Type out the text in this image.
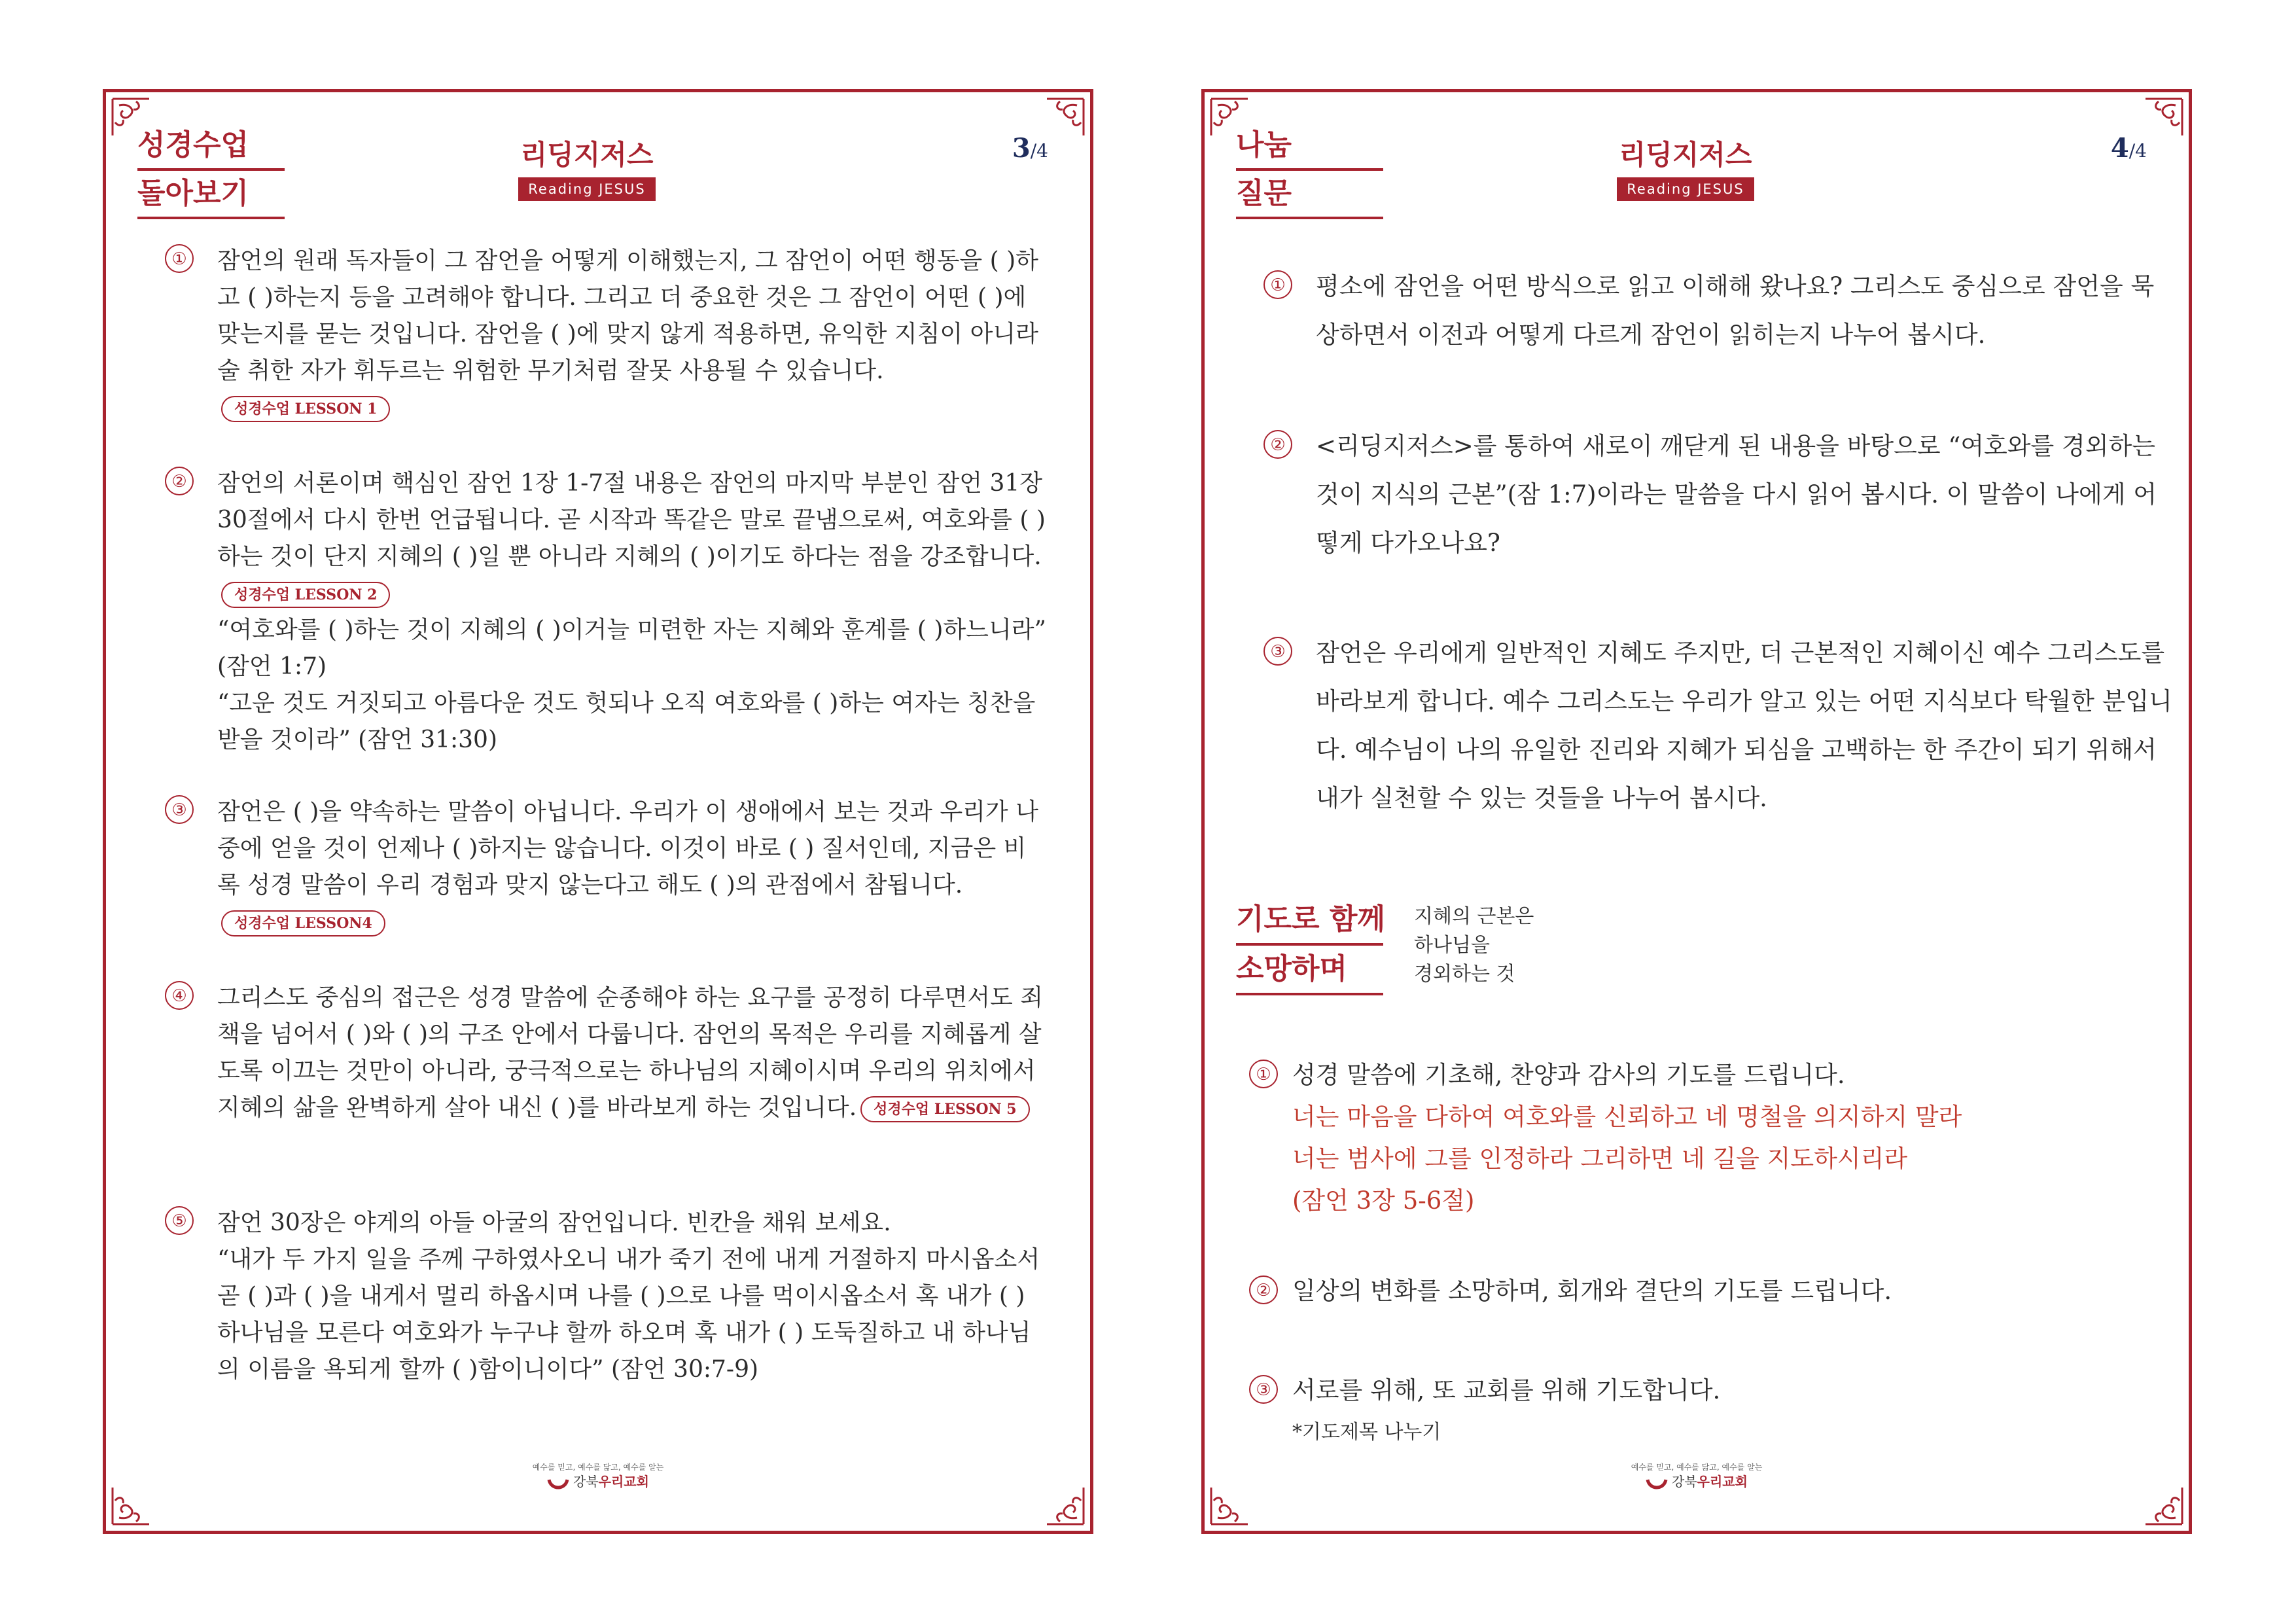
성경수업
돌아보기
리딩지저스
Reading JESUS
3/4
① 잠언의 원래 독자들이 그 잠언을 어떻게 이해했는지, 그 잠언이 어떤 행동을 ( )하고 ( )하는지 등을 고려해야 합니다. 그리고 더 중요한 것은 그 잠언이 어떤 ( )에 맞는지를 묻는 것입니다. 잠언을 ( )에 맞지 않게 적용하면, 유익한 지침이 아니라 술 취한 자가 휘두르는 위험한 무기처럼 잘못 사용될 수 있습니다.성경수업 LESSON 1
② 잠언의 서론이며 핵심인 잠언 1장 1-7절 내용은 잠언의 마지막 부분인 잠언 31장 30절에서 다시 한번 언급됩니다. 곧 시작과 똑같은 말로 끝냄으로써, 여호와를 ( )하는 것이 단지 지혜의 ( )일 뿐 아니라 지혜의 ( )이기도 하다는 점을 강조합니다.성경수업 LESSON 2

“여호와를 ( )하는 것이 지혜의 ( )이거늘 미련한 자는 지혜와 훈계를 ( )하느니라” (잠언 1:7)

“고운 것도 거짓되고 아름다운 것도 헛되나 오직 여호와를 ( )하는 여자는 칭찬을 받을 것이라” (잠언 31:30)

③ 잠언은 ( )을 약속하는 말씀이 아닙니다. 우리가 이 생애에서 보는 것과 우리가 나중에 얻을 것이 언제나 ( )하지는 않습니다. 이것이 바로 ( ) 질서인데, 지금은 비록 성경 말씀이 우리 경험과 맞지 않는다고 해도 ( )의 관점에서 참됩니다.성경수업 LESSON4
④ 그리스도 중심의 접근은 성경 말씀에 순종해야 하는 요구를 공정히 다루면서도 죄책을 넘어서 ( )와 ( )의 구조 안에서 다룹니다. 잠언의 목적은 우리를 지혜롭게 살도록 이끄는 것만이 아니라, 궁극적으로는 하나님의 지혜이시며 우리의 위치에서 지혜의 삶을 완벽하게 살아 내신 ( )를 바라보게 하는 것입니다. 성경수업 LESSON 5
⑤ 잠언 30장은 야게의 아들 아굴의 잠언입니다. 빈칸을 채워 보세요.

“내가 두 가지 일을 주께 구하였사오니 내가 죽기 전에 내게 거절하지 마시옵소서 곧 ( )과 ( )을 내게서 멀리 하옵시며 나를 ( )으로 나를 먹이시옵소서 혹 내가 ( ) 하나님을 모른다 여호와가 누구냐 할까 하오며 혹 내가 ( ) 도둑질하고 내 하나님의 이름을 욕되게 할까 ( )함이니이다” (잠언 30:7-9)

예수를 믿고, 예수를 닮고, 예수를 알는
강북우리교회
나눔
질문
리딩지저스
Reading JESUS
4/4
① 평소에 잠언을 어떤 방식으로 읽고 이해해 왔나요? 그리스도 중심으로 잠언을 묵상하면서 이전과 어떻게 다르게 잠언이 읽히는지 나누어 봅시다.
② <리딩지저스>를 통하여 새로이 깨닫게 된 내용을 바탕으로 “여호와를 경외하는 것이 지식의 근본”(잠 1:7)이라는 말씀을 다시 읽어 봅시다. 이 말씀이 나에게 어떻게 다가오나요?
③ 잠언은 우리에게 일반적인 지혜도 주지만, 더 근본적인 지혜이신 예수 그리스도를 바라보게 합니다. 예수 그리스도는 우리가 알고 있는 어떤 지식보다 탁월한 분입니다. 예수님이 나의 유일한 진리와 지혜가 되심을 고백하는 한 주간이 되기 위해서 내가 실천할 수 있는 것들을 나누어 봅시다.
기도로 함께
소망하며
지혜의 근본은
하나님을
경외하는 것
① 성경 말씀에 기초해, 찬양과 감사의 기도를 드립니다.
너는 마음을 다하여 여호와를 신뢰하고 네 명철을 의지하지 말라
너는 범사에 그를 인정하라 그리하면 네 길을 지도하시리라
(잠언 3장 5-6절)
② 일상의 변화를 소망하며, 회개와 결단의 기도를 드립니다.
③ 서로를 위해, 또 교회를 위해 기도합니다.
*기도제목 나누기
예수를 믿고, 예수를 닮고, 예수를 알는
강북우리교회
